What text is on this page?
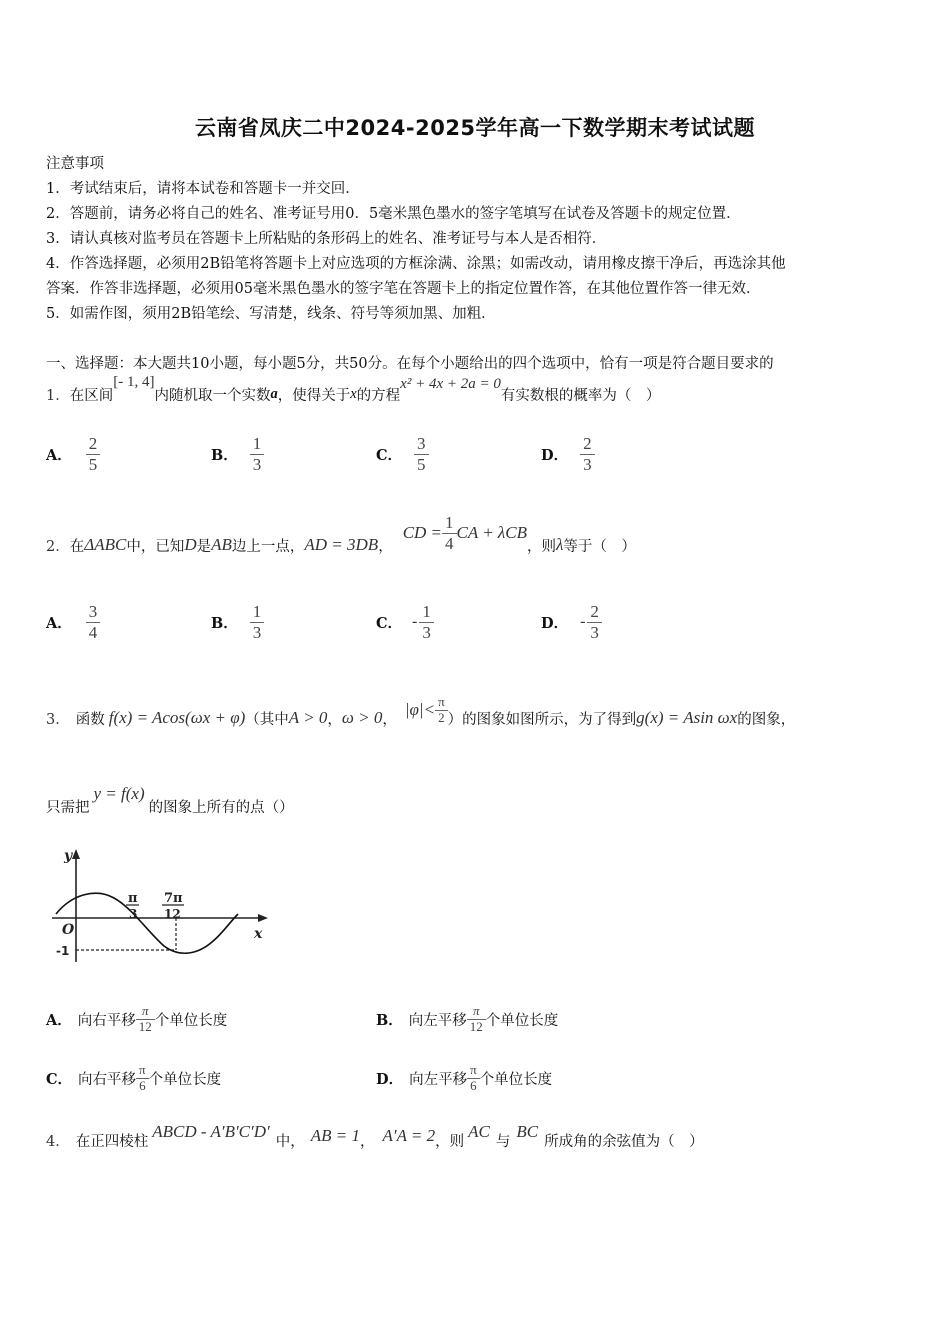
云南省凤庆二中2024-2025学年高一下数学期末考试试题
注意事项
1．考试结束后，请将本试卷和答题卡一并交回．
2．答题前，请务必将自己的姓名、准考证号用0．5毫米黑色墨水的签字笔填写在试卷及答题卡的规定位置．
3．请认真核对监考员在答题卡上所粘贴的条形码上的姓名、准考证号与本人是否相符．
4．作答选择题，必须用2B铅笔将答题卡上对应选项的方框涂满、涂黑；如需改动，请用橡皮擦干净后，再选涂其他
答案．作答非选择题，必须用05毫米黑色墨水的签字笔在答题卡上的指定位置作答，在其他位置作答一律无效．
5．如需作图，须用2B铅笔绘、写清楚，线条、符号等须加黑、加粗．
一、选择题：本大题共10小题，每小题5分，共50分。在每个小题给出的四个选项中，恰有一项是符合题目要求的
1． 在区间
[- 1, 4]
内随机取一个实数 a ，使得关于 x 的方程
x² + 4x + 2a = 0
有实数根的概率为（　）
A． $\frac{2}{5}$	B． $\frac{1}{3}$	C． $\frac{3}{5}$	D． $\frac{2}{3}$
2． 在 ΔABC 中，已知 D 是 AB 边上一点， AD = 3DB ，
CD = $\frac{1}{4}$ CA + λCB
，则 λ 等于（　）
A． $\frac{3}{4}$	B． $\frac{1}{3}$	C． - $\frac{1}{3}$	D． - $\frac{2}{3}$
3． 函数 f(x) = Acos(ωx + φ) （其中 A > 0 ， ω > 0 ，
$|\varphi|< \frac{\pi}{2}$ ）的图象如图所示，为了得到 g(x) = Asin ωx 的图象，
只需把
y = f(x)
的图象上所有的点（）
y
x
O
-1
π
3
7π
12
A． 向右平移 $\frac{\pi}{12}$ 个单位长度	B． 向左平移 $\frac{\pi}{12}$ 个单位长度
C． 向右平移 $\frac{\pi}{6}$ 个单位长度	D． 向左平移 $\frac{\pi}{6}$ 个单位长度
4． 在正四棱柱
ABCD - A′B′C′D′
中， AB = 1 ， A′A = 2 ，则
AC
与
BC
所成角的余弦值为（　）
